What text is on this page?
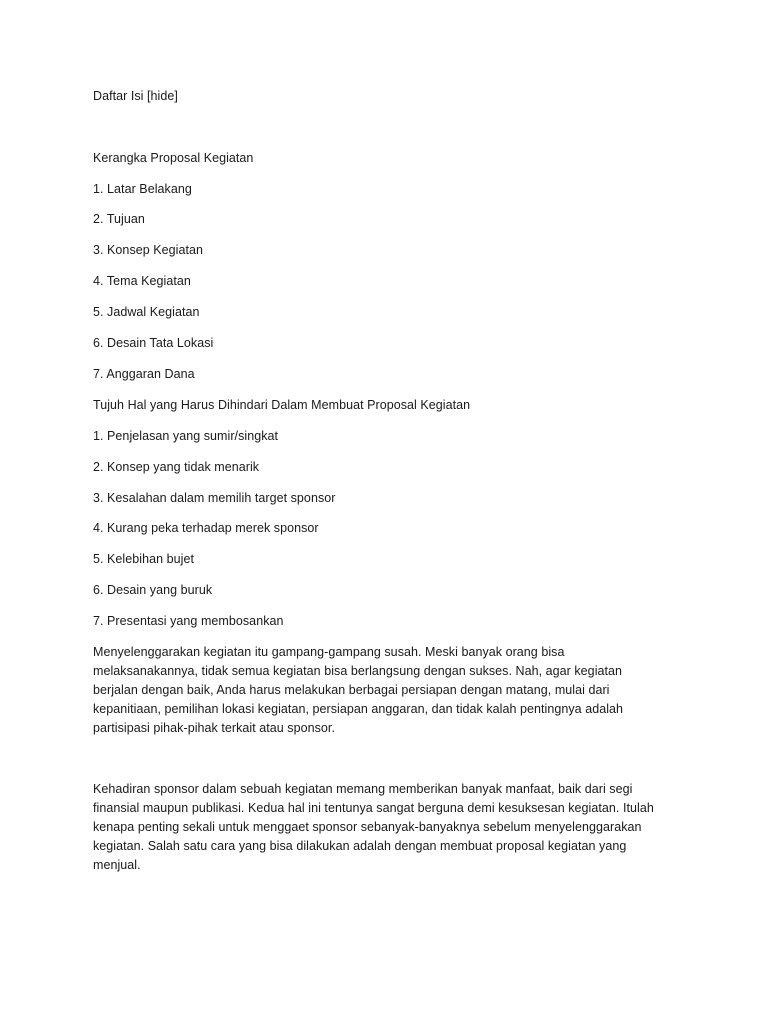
Daftar Isi [hide]
Kerangka Proposal Kegiatan
1. Latar Belakang
2. Tujuan
3. Konsep Kegiatan
4. Tema Kegiatan
5. Jadwal Kegiatan
6. Desain Tata Lokasi
7. Anggaran Dana
Tujuh Hal yang Harus Dihindari Dalam Membuat Proposal Kegiatan
1. Penjelasan yang sumir/singkat
2. Konsep yang tidak menarik
3. Kesalahan dalam memilih target sponsor
4. Kurang peka terhadap merek sponsor
5. Kelebihan bujet
6. Desain yang buruk
7. Presentasi yang membosankan
Menyelenggarakan kegiatan itu gampang-gampang susah. Meski banyak orang bisa
melaksanakannya, tidak semua kegiatan bisa berlangsung dengan sukses. Nah, agar kegiatan
berjalan dengan baik, Anda harus melakukan berbagai persiapan dengan matang, mulai dari
kepanitiaan, pemilihan lokasi kegiatan, persiapan anggaran, dan tidak kalah pentingnya adalah
partisipasi pihak-pihak terkait atau sponsor.
Kehadiran sponsor dalam sebuah kegiatan memang memberikan banyak manfaat, baik dari segi
finansial maupun publikasi. Kedua hal ini tentunya sangat berguna demi kesuksesan kegiatan. Itulah
kenapa penting sekali untuk menggaet sponsor sebanyak-banyaknya sebelum menyelenggarakan
kegiatan. Salah satu cara yang bisa dilakukan adalah dengan membuat proposal kegiatan yang
menjual.
